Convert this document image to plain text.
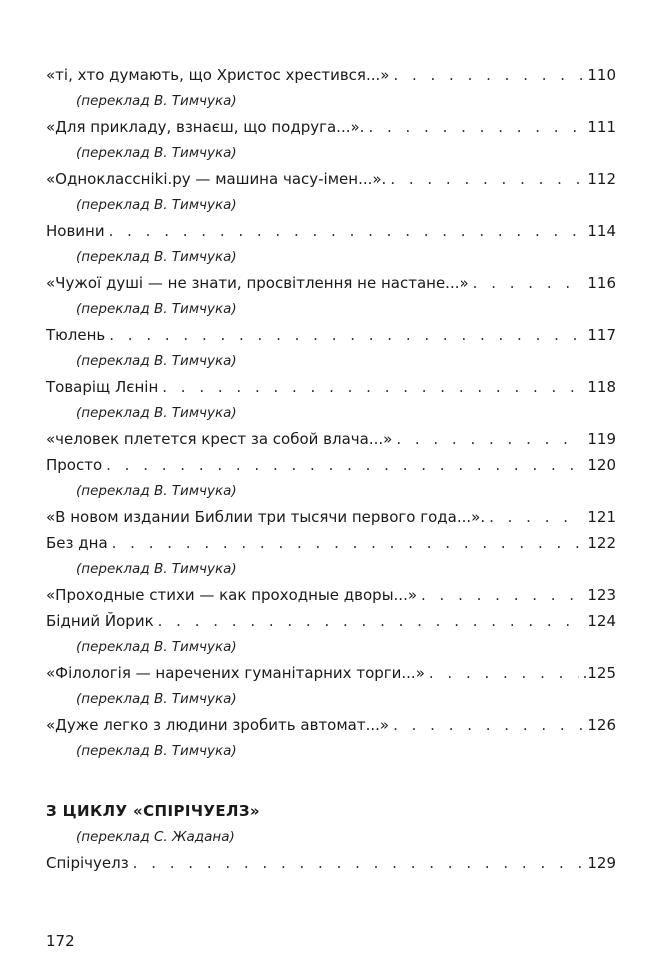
«ті, хто думають, що Христос хрестився...» . . .	110
(переклад В. Тимчука)
«Для прикладу, взнаєш, що подруга...». . . .	111
(переклад В. Тимчука)
«Одноклассніki.ру — машина часу-імен...». . . .	112
(переклад В. Тимчука)
Новини . . .	114
(переклад В. Тимчука)
«Чужої душі — не знати, просвітлення не настане...» . . .	116
(переклад В. Тимчука)
Тюлень . . .	117
(переклад В. Тимчука)
Товаріщ Лєнін . . .	118
(переклад В. Тимчука)
«человек плетется крест за собой влача...» . . .	119
Просто . . .	120
(переклад В. Тимчука)
«В новом издании Библии три тысячи первого года...». . . .	121
Без дна . . .	122
(переклад В. Тимчука)
«Проходные стихи — как проходные дворы...» . . .	123
Бідний Йорик . . .	124
(переклад В. Тимчука)
«Філологія — наречених гуманітарних торги...» . . .	.125
(переклад В. Тимчука)
«Дуже легко з людини зробить автомат...» . . .	126
(переклад В. Тимчука)
З ЦИКЛУ «СПІРІЧУЕЛЗ»
(переклад С. Жадана)
Спірічуелз . . .	129
172
